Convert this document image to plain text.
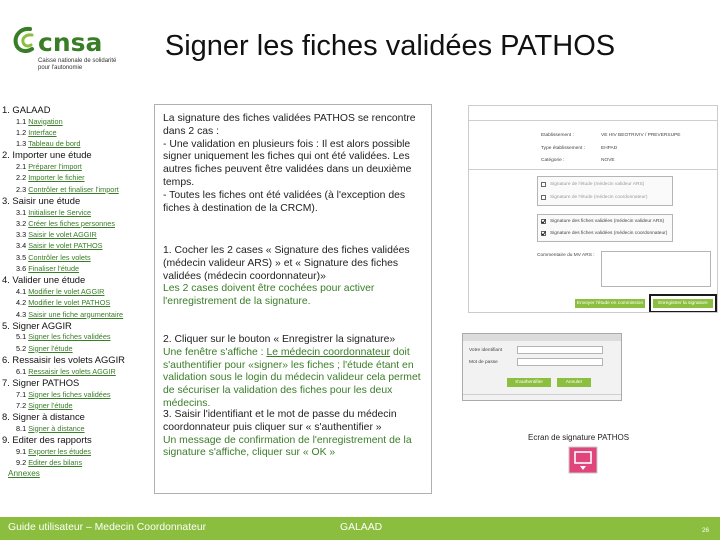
cnsa
Caisse nationale de solidarité pour l'autonomie
Signer les fiches validées PATHOS
1. GALAAD
1.1 Navigation
1.2 Interface
1.3 Tableau de bord
2. Importer une étude
2.1 Préparer l'import
2.2 Importer le fichier
2.3 Contrôler et finaliser l'import
3. Saisir une étude
3.1 Initialiser le Service
3.2 Créer les fiches personnes
3.3 Saisir le volet AGGIR
3.4 Saisir le volet PATHOS
3.5 Contrôler les volets
3.6 Finaliser l'étude
4. Valider une étude
4.1 Modifier le volet AGGIR
4.2 Modifier le volet PATHOS
4.3 Saisir une fiche argumentaire
5. Signer AGGIR
5.1 Signer les fiches validées
5.2 Signer l'étude
6. Ressaisir les volets AGGIR
6.1 Ressaisir les volets AGGIR
7. Signer PATHOS
7.1 Signer les fiches validées
7.2 Signer l'étude
8. Signer à distance
8.1 Signer à distance
9. Editer des rapports
9.1 Exporter les études
9.2 Editer des bilans
Annexes
La signature des fiches validées PATHOS se rencontre dans 2 cas :
- Une validation en plusieurs fois : Il est alors possible signer uniquement les fiches qui ont été validées. Les autres fiches peuvent être validées dans un deuxième temps.
- Toutes les fiches ont été validées (à l'exception des fiches à destination de la CRCM).
1. Cocher les 2 cases « Signature des fiches validées (médecin valideur ARS) » et « Signature des fiches validées (médecin coordonnateur)»
Les 2 cases doivent être cochées pour activer l'enregistrement de la signature.
2. Cliquer sur le bouton « Enregistrer la signature»
Une fenêtre s'affiche : Le médecin coordonnateur doit s'authentifier pour «signer» les fiches ; l'étude étant en validation sous le login du médecin valideur cela permet de sécuriser la validation des fiches pour les deux médecins.
3. Saisir l'identifiant et le mot de passe du médecin coordonnateur puis cliquer sur « s'authentifier »
Un message de confirmation de l'enregistrement de la signature s'affiche, cliquer sur « OK »
Etablissement :	VE HIV BEOTRIVIV / PREVERSUPE
Type établissement :	EHPAD
Catégorie :	NOVE
Signature de l'étude (médecin valideur ARS)
Signature de l'étude (médecin coordonnateur)
Signature des fiches validées (médecin valideur ARS)
Signature des fiches validées (médecin coordonnateur)
Commentaire du MV ARS :
Envoyer l'étude en commission	Enregistrer la signature
Votre identifiant
Mot de passe
S'authentifier	Annuler
Ecran de signature PATHOS
Guide utilisateur – Medecin Coordonnateur	GALAAD	26
